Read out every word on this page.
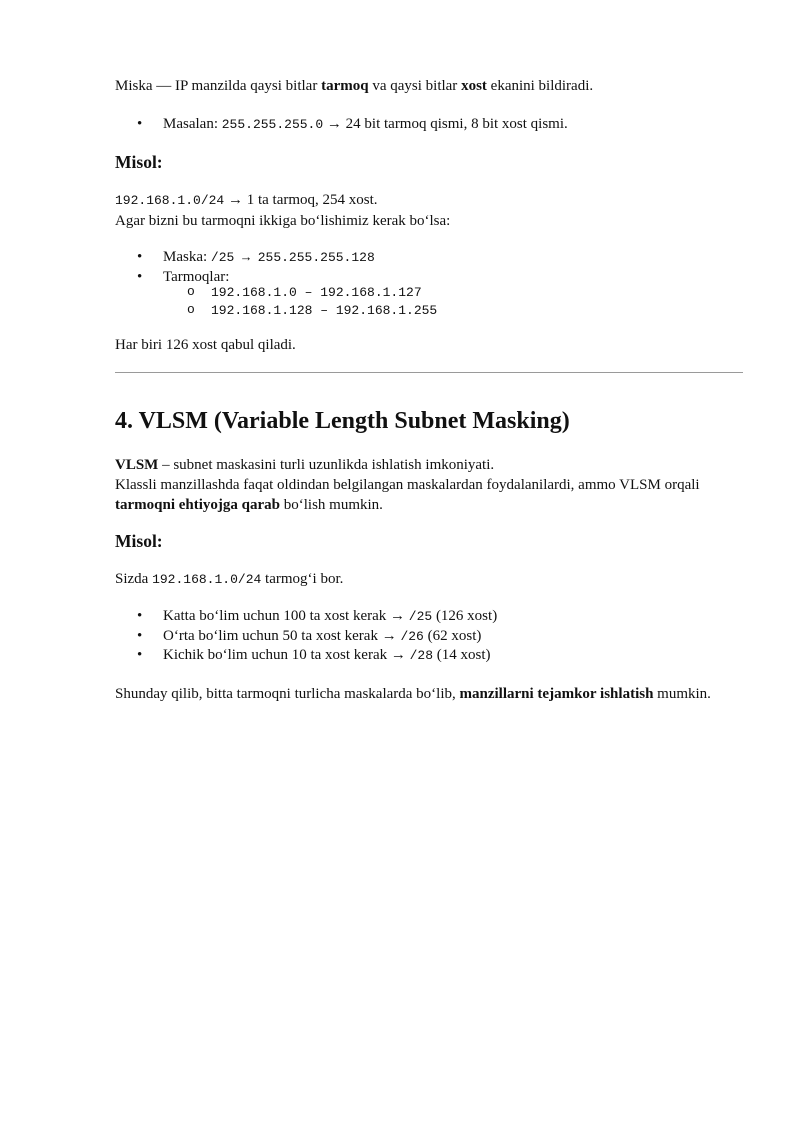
Miska — IP manzilda qaysi bitlar tarmoq va qaysi bitlar xost ekanini bildiradi.

• Masalan: 255.255.255.0 → 24 bit tarmoq qismi, 8 bit xost qismi.
Misol:

192.168.1.0/24 → 1 ta tarmoq, 254 xost.
Agar bizni bu tarmoqni ikkiga bo‘lishimiz kerak bo‘lsa:

• Maska: /25 → 255.255.255.128
• Tarmoqlar:
o 192.168.1.0 – 192.168.1.127
o 192.168.1.128 – 192.168.1.255

Har biri 126 xost qabul qiladi.

4. VLSM (Variable Length Subnet Masking)

VLSM – subnet maskasini turli uzunlikda ishlatish imkoniyati.
Klassli manzillashda faqat oldindan belgilangan maskalardan foydalanilardi, ammo VLSM orqali tarmoqni ehtiyojga qarab bo‘lish mumkin.

Misol:

Sizda 192.168.1.0/24 tarmog‘i bor.

• Katta bo‘lim uchun 100 ta xost kerak → /25 (126 xost)
• O‘rta bo‘lim uchun 50 ta xost kerak → /26 (62 xost)
• Kichik bo‘lim uchun 10 ta xost kerak → /28 (14 xost)

Shunday qilib, bitta tarmoqni turlicha maskalarda bo‘lib, manzillarni tejamkor ishlatish mumkin.
